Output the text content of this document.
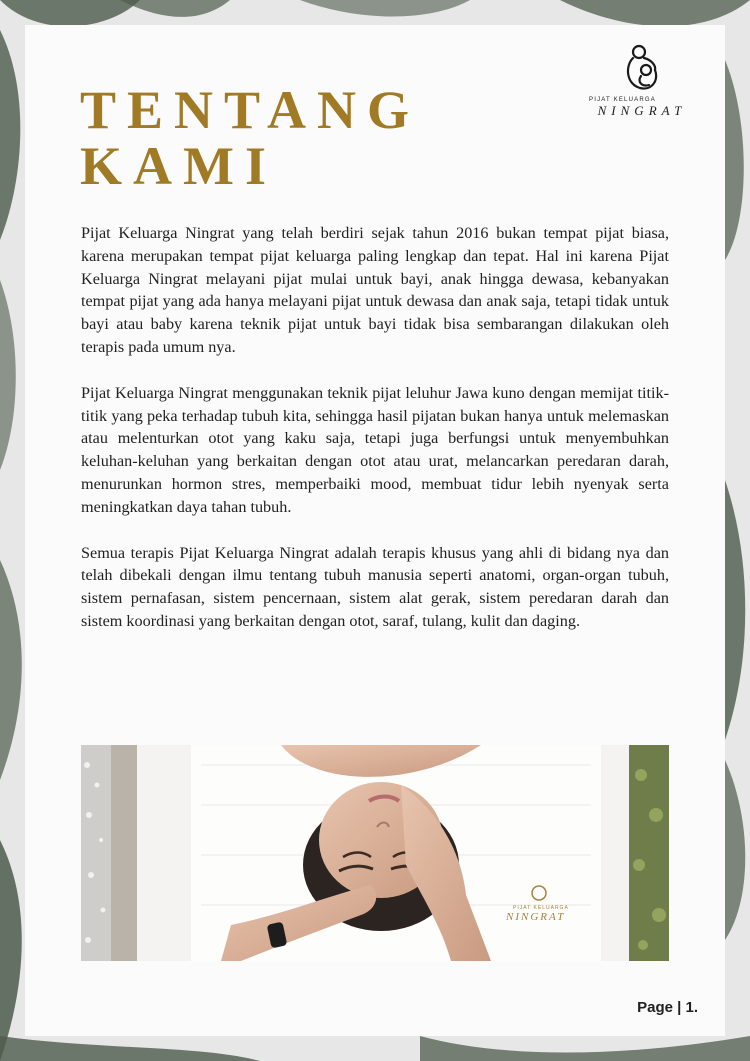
PIJAT KELUARGA
NINGRAT
TENTANG
KAMI

Pijat Keluarga Ningrat yang telah berdiri sejak tahun 2016 bukan tempat pijat biasa, karena merupakan tempat pijat keluarga paling lengkap dan tepat. Hal ini karena Pijat Keluarga Ningrat melayani pijat mulai untuk bayi, anak hingga dewasa, kebanyakan tempat pijat yang ada hanya melayani pijat untuk dewasa dan anak saja, tetapi tidak untuk bayi atau baby karena teknik pijat untuk bayi tidak bisa sembarangan dilakukan oleh terapis pada umum nya.

Pijat Keluarga Ningrat menggunakan teknik pijat leluhur Jawa kuno dengan memijat titik-titik yang peka terhadap tubuh kita, sehingga hasil pijatan bukan hanya untuk melemaskan atau melenturkan otot yang kaku saja, tetapi juga berfungsi untuk menyembuhkan keluhan-keluhan yang berkaitan dengan otot atau urat, melancarkan peredaran darah, menurunkan hormon stres, memperbaiki mood, membuat tidur lebih nyenyak serta meningkatkan daya tahan tubuh.

Semua terapis Pijat Keluarga Ningrat adalah terapis khusus yang ahli di bidang nya dan telah dibekali dengan ilmu tentang tubuh manusia seperti anatomi, organ-organ tubuh, sistem pernafasan, sistem pencernaan, sistem alat gerak, sistem peredaran darah dan sistem koordinasi yang berkaitan dengan otot, saraf, tulang, kulit dan daging.

PIJAT KELUARGA
NINGRAT
Page | 1.
